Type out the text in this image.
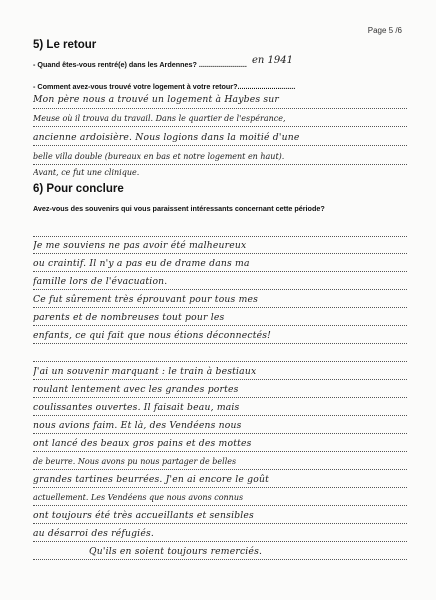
Page 5 /6
5) Le retour
- Quand êtes-vous rentré(e) dans les Ardennes? ........................ en 1941
- Comment avez-vous trouvé votre logement à votre retour?.............................
Mon père nous a trouvé un logement à Haybes sur
Meuse où il trouva du travail. Dans le quartier de l'espérance,
ancienne ardoisière. Nous logions dans la moitié d'une
belle villa double (bureaux en bas et notre logement en haut).
Avant, ce fut une clinique.
6) Pour conclure
Avez-vous des souvenirs qui vous paraissent intéressants concernant cette période?
Je me souviens ne pas avoir été malheureux
ou craintif. Il n'y a pas eu de drame dans ma
famille lors de l'évacuation.
Ce fut sûrement très éprouvant pour tous mes
parents et de nombreuses tout pour les
enfants, ce qui fait que nous étions déconnectés!
J'ai un souvenir marquant : le train à bestiaux
roulant lentement avec les grandes portes
coulissantes ouvertes. Il faisait beau, mais
nous avions faim. Et là, des Vendéens nous
ont lancé des beaux gros pains et des mottes
de beurre. Nous avons pu nous partager de belles
grandes tartines beurrées. J'en ai encore le goût
actuellement. Les Vendéens que nous avons connus
ont toujours été très accueillants et sensibles
au désarroi des réfugiés.
Qu'ils en soient toujours remerciés.
